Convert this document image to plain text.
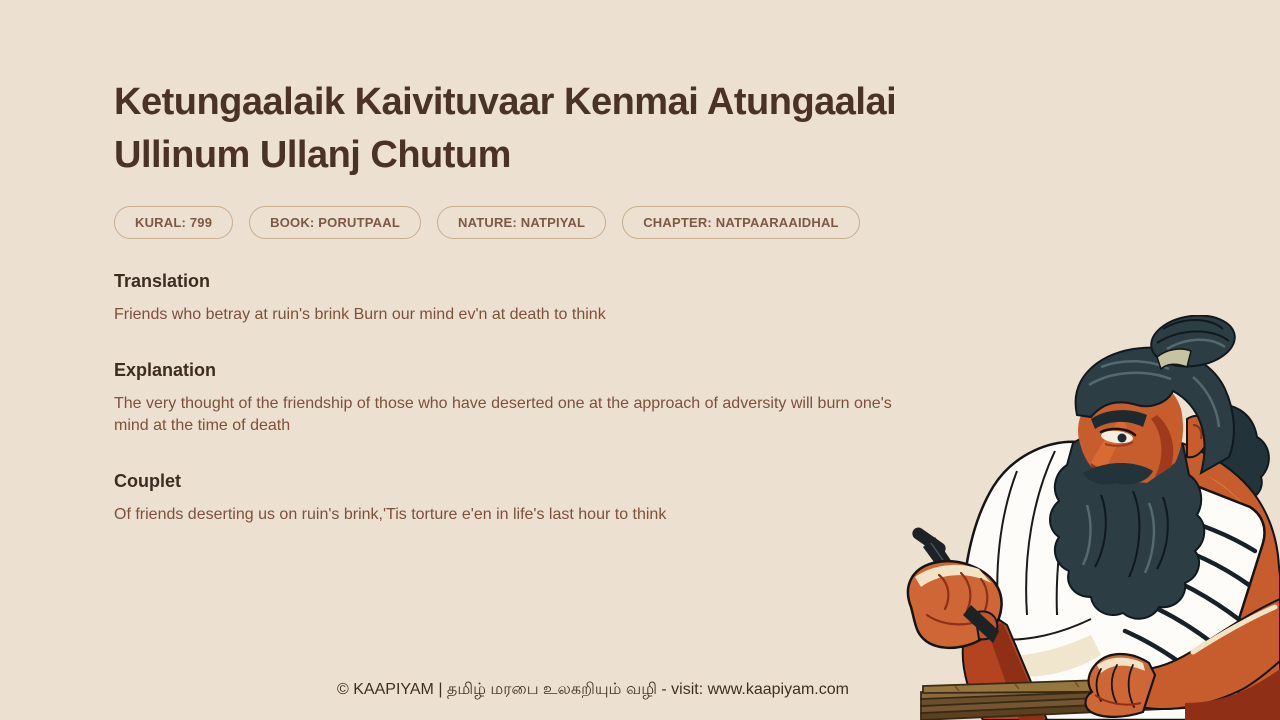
Ketungaalaik Kaivituvaar Kenmai Atungaalai
Ullinum Ullanj Chutum
KURAL: 799	BOOK: PORUTPAAL	NATURE: NATPIYAL	CHAPTER: NATPAARAAIDHAL
Translation

Friends who betray at ruin's brink Burn our mind ev'n at death to think

Explanation

The very thought of the friendship of those who have deserted one at the approach of adversity will burn one's mind at the time of death

Couplet

Of friends deserting us on ruin's brink,'Tis torture e'en in life's last hour to think

© KAAPIYAM | தமிழ் மரபை உலகறியும் வழி - visit: www.kaapiyam.com
